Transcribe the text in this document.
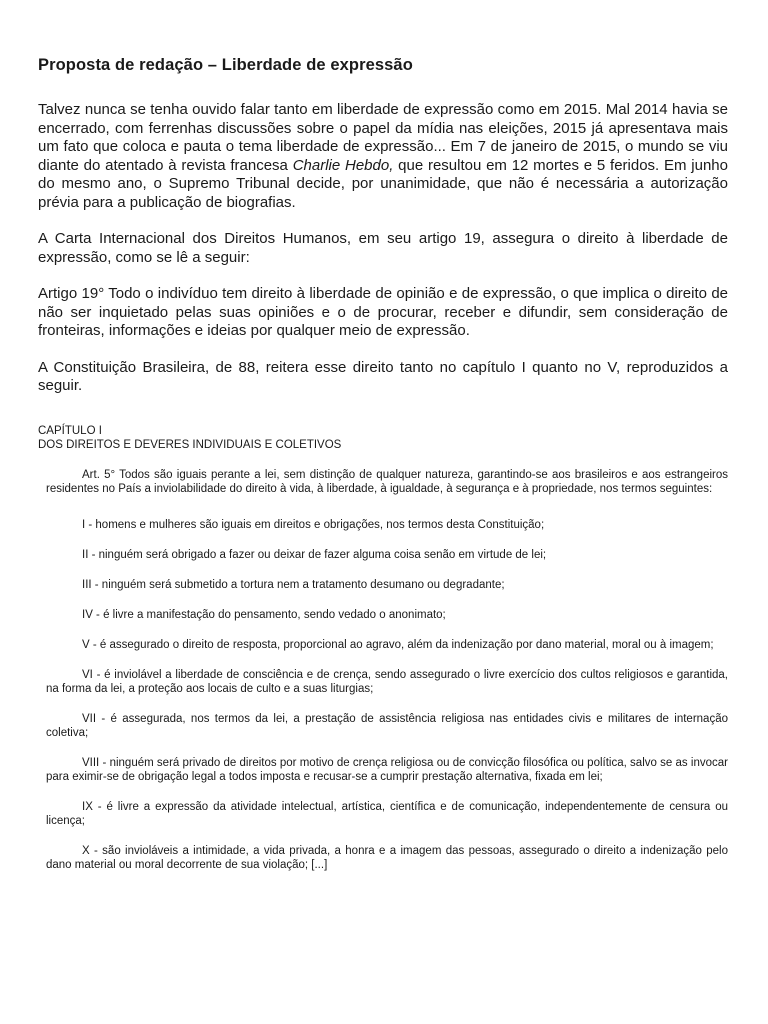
Proposta de redação – Liberdade de expressão

Talvez nunca se tenha ouvido falar tanto em liberdade de expressão como em 2015. Mal 2014 havia se encerrado, com ferrenhas discussões sobre o papel da mídia nas eleições, 2015 já apresentava mais um fato que coloca e pauta o tema liberdade de expressão... Em 7 de janeiro de 2015, o mundo se viu diante do atentado à revista francesa Charlie Hebdo, que resultou em 12 mortes e 5 feridos. Em junho do mesmo ano, o Supremo Tribunal decide, por unanimidade, que não é necessária a autorização prévia para a publicação de biografias.

A Carta Internacional dos Direitos Humanos, em seu artigo 19, assegura o direito à liberdade de expressão, como se lê a seguir:

Artigo 19° Todo o indivíduo tem direito à liberdade de opinião e de expressão, o que implica o direito de não ser inquietado pelas suas opiniões e o de procurar, receber e difundir, sem consideração de fronteiras, informações e ideias por qualquer meio de expressão.

A Constituição Brasileira, de 88, reitera esse direito tanto no capítulo I quanto no V, reproduzidos a seguir.

CAPÍTULO I
DOS DIREITOS E DEVERES INDIVIDUAIS E COLETIVOS

Art. 5° Todos são iguais perante a lei, sem distinção de qualquer natureza, garantindo-se aos brasileiros e aos estrangeiros residentes no País a inviolabilidade do direito à vida, à liberdade, à igualdade, à segurança e à propriedade, nos termos seguintes:

I - homens e mulheres são iguais em direitos e obrigações, nos termos desta Constituição;

II - ninguém será obrigado a fazer ou deixar de fazer alguma coisa senão em virtude de lei;

III - ninguém será submetido a tortura nem a tratamento desumano ou degradante;

IV - é livre a manifestação do pensamento, sendo vedado o anonimato;

V - é assegurado o direito de resposta, proporcional ao agravo, além da indenização por dano material, moral ou à imagem;

VI - é inviolável a liberdade de consciência e de crença, sendo assegurado o livre exercício dos cultos religiosos e garantida, na forma da lei, a proteção aos locais de culto e a suas liturgias;

VII - é assegurada, nos termos da lei, a prestação de assistência religiosa nas entidades civis e militares de internação coletiva;

VIII - ninguém será privado de direitos por motivo de crença religiosa ou de convicção filosófica ou política, salvo se as invocar para eximir-se de obrigação legal a todos imposta e recusar-se a cumprir prestação alternativa, fixada em lei;

IX - é livre a expressão da atividade intelectual, artística, científica e de comunicação, independentemente de censura ou licença;

X - são invioláveis a intimidade, a vida privada, a honra e a imagem das pessoas, assegurado o direito a indenização pelo dano material ou moral decorrente de sua violação; [...]
